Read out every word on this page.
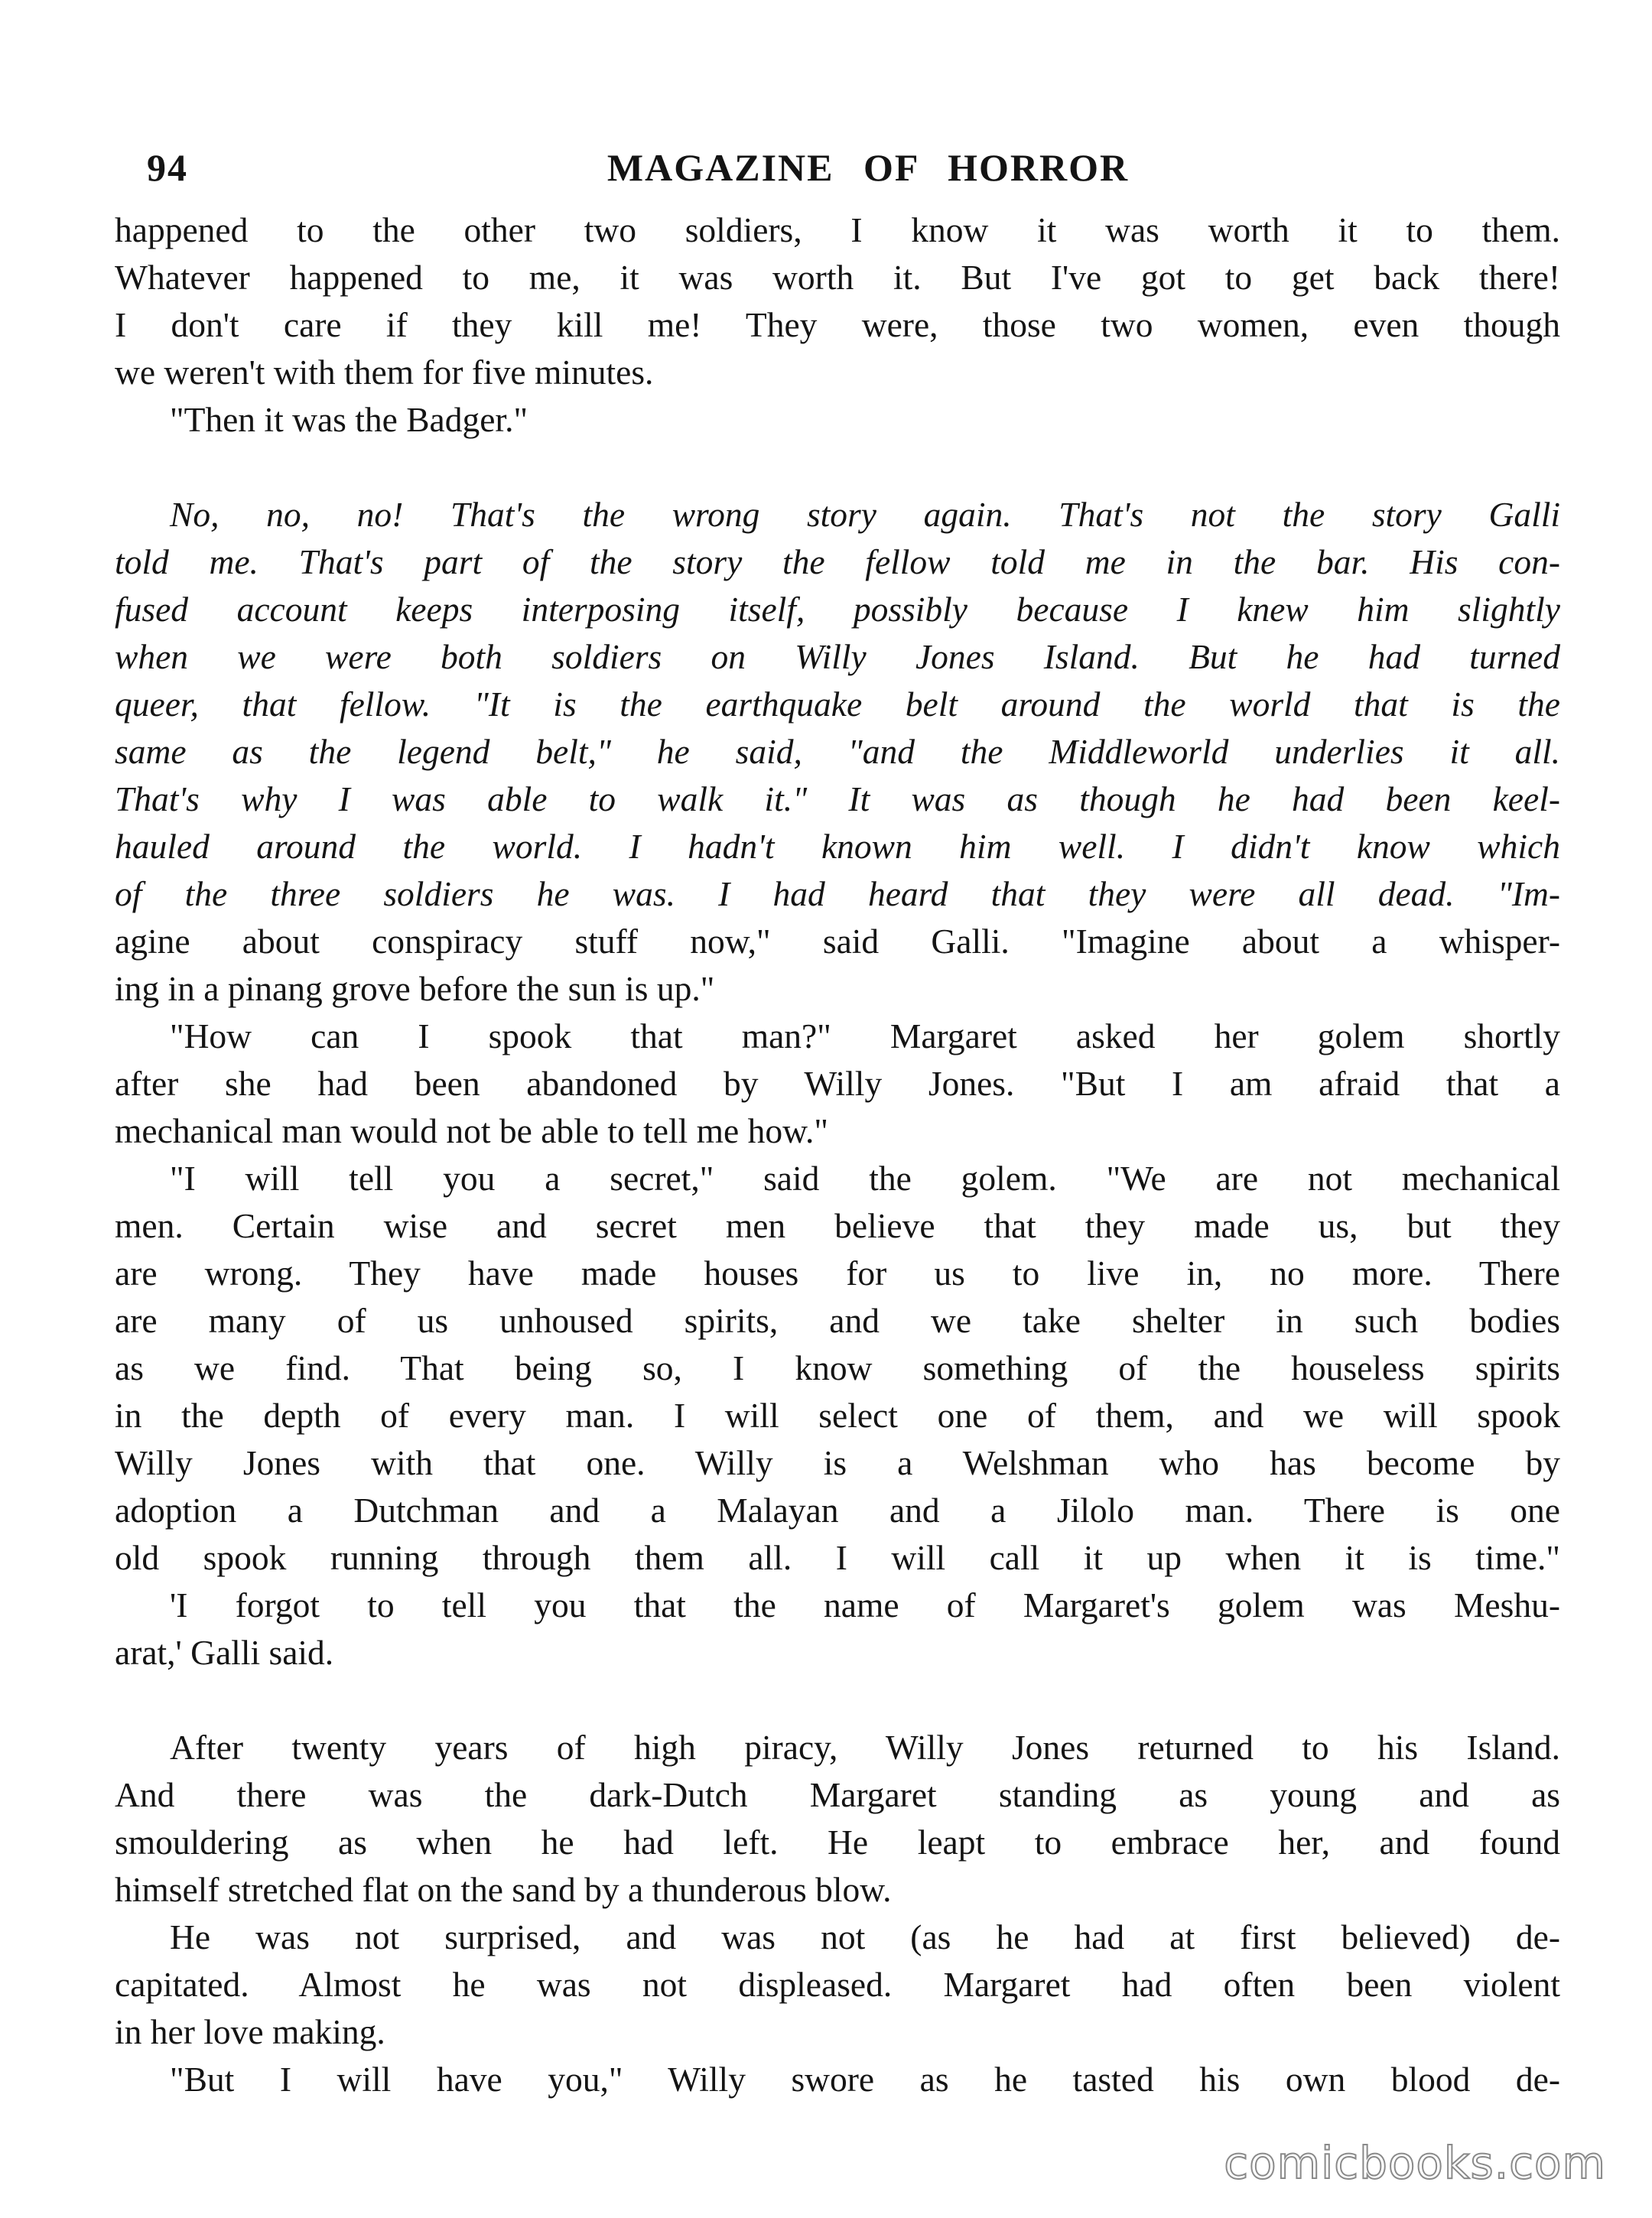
94	MAGAZINE OF HORROR
happened to the other two soldiers, I know it was worth it to them.
Whatever happened to me, it was worth it. But I've got to get back there!
I don't care if they kill me! They were, those two women, even though
we weren't with them for five minutes.
"Then it was the Badger."
No, no, no! That's the wrong story again. That's not the story Galli
told me. That's part of the story the fellow told me in the bar. His con-
fused account keeps interposing itself, possibly because I knew him slightly
when we were both soldiers on Willy Jones Island. But he had turned
queer, that fellow. "It is the earthquake belt around the world that is the
same as the legend belt," he said, "and the Middleworld underlies it all.
That's why I was able to walk it." It was as though he had been keel-
hauled around the world. I hadn't known him well. I didn't know which
of the three soldiers he was. I had heard that they were all dead. "Im-
agine about conspiracy stuff now," said Galli. "Imagine about a whisper-
ing in a pinang grove before the sun is up."
"How can I spook that man?" Margaret asked her golem shortly
after she had been abandoned by Willy Jones. "But I am afraid that a
mechanical man would not be able to tell me how."
"I will tell you a secret," said the golem. "We are not mechanical
men. Certain wise and secret men believe that they made us, but they
are wrong. They have made houses for us to live in, no more. There
are many of us unhoused spirits, and we take shelter in such bodies
as we find. That being so, I know something of the houseless spirits
in the depth of every man. I will select one of them, and we will spook
Willy Jones with that one. Willy is a Welshman who has become by
adoption a Dutchman and a Malayan and a Jilolo man. There is one
old spook running through them all. I will call it up when it is time."
'I forgot to tell you that the name of Margaret's golem was Meshu-
arat,' Galli said.
After twenty years of high piracy, Willy Jones returned to his Island.
And there was the dark-Dutch Margaret standing as young and as
smouldering as when he had left. He leapt to embrace her, and found
himself stretched flat on the sand by a thunderous blow.
He was not surprised, and was not (as he had at first believed) de-
capitated. Almost he was not displeased. Margaret had often been violent
in her love making.
"But I will have you," Willy swore as he tasted his own blood de-
comicbooks.com
